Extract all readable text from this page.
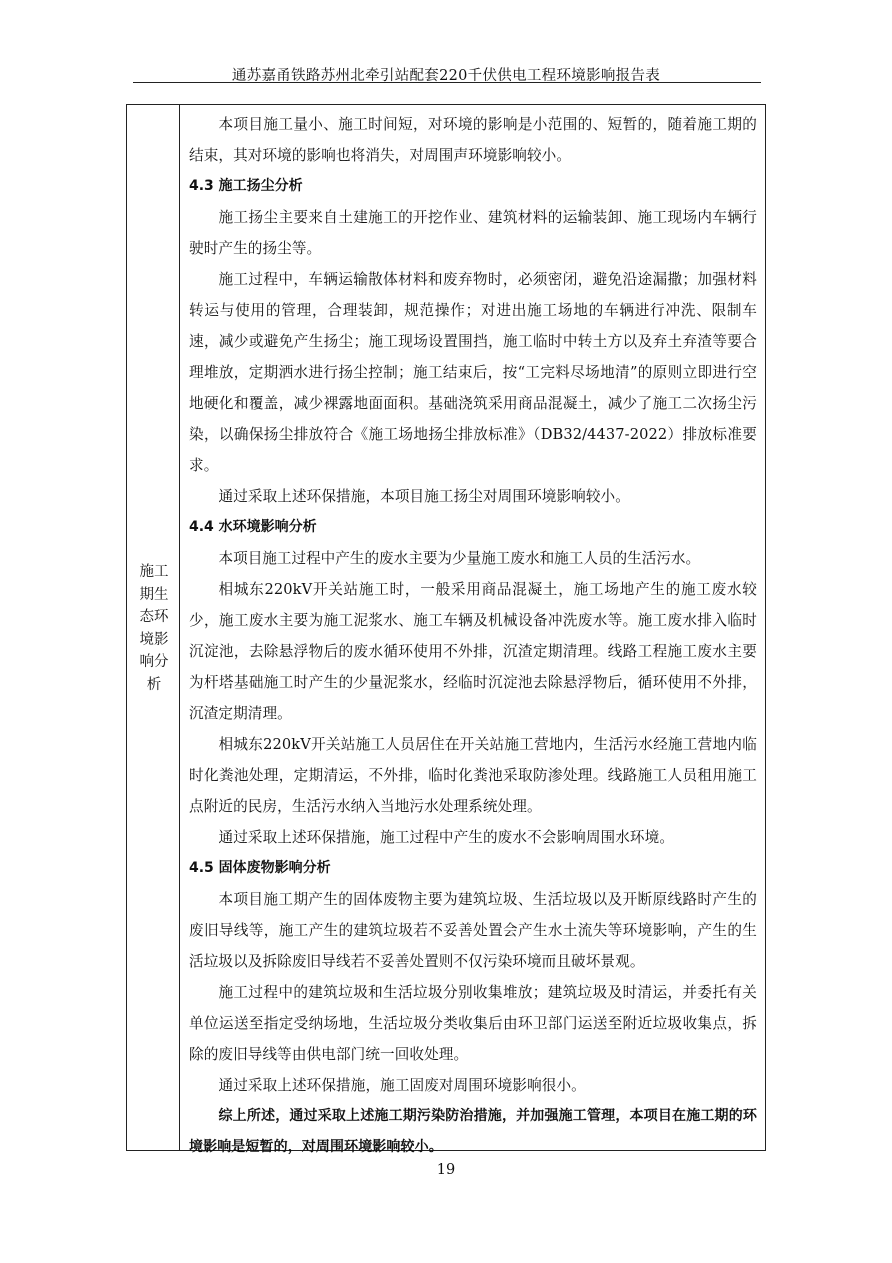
通苏嘉甬铁路苏州北牵引站配套220千伏供电工程环境影响报告表
施工
期生
态环
境影
响分
析

本项目施工量小、施工时间短，对环境的影响是小范围的、短暂的，随着施工期的结束，其对环境的影响也将消失，对周围声环境影响较小。

4.3 施工扬尘分析

施工扬尘主要来自土建施工的开挖作业、建筑材料的运输装卸、施工现场内车辆行驶时产生的扬尘等。

施工过程中，车辆运输散体材料和废弃物时，必须密闭，避免沿途漏撒；加强材料转运与使用的管理，合理装卸，规范操作；对进出施工场地的车辆进行冲洗、限制车速，减少或避免产生扬尘；施工现场设置围挡，施工临时中转土方以及弃土弃渣等要合理堆放，定期洒水进行扬尘控制；施工结束后，按“工完料尽场地清”的原则立即进行空地硬化和覆盖，减少裸露地面面积。基础浇筑采用商品混凝土，减少了施工二次扬尘污染，以确保扬尘排放符合《施工场地扬尘排放标准》（DB32/4437-2022）排放标准要求。

通过采取上述环保措施，本项目施工扬尘对周围环境影响较小。

4.4 水环境影响分析

本项目施工过程中产生的废水主要为少量施工废水和施工人员的生活污水。

相城东220kV开关站施工时，一般采用商品混凝土，施工场地产生的施工废水较少，施工废水主要为施工泥浆水、施工车辆及机械设备冲洗废水等。施工废水排入临时沉淀池，去除悬浮物后的废水循环使用不外排，沉渣定期清理。线路工程施工废水主要为杆塔基础施工时产生的少量泥浆水，经临时沉淀池去除悬浮物后，循环使用不外排，沉渣定期清理。

相城东220kV开关站施工人员居住在开关站施工营地内，生活污水经施工营地内临时化粪池处理，定期清运，不外排，临时化粪池采取防渗处理。线路施工人员租用施工点附近的民房，生活污水纳入当地污水处理系统处理。

通过采取上述环保措施，施工过程中产生的废水不会影响周围水环境。

4.5 固体废物影响分析

本项目施工期产生的固体废物主要为建筑垃圾、生活垃圾以及开断原线路时产生的废旧导线等，施工产生的建筑垃圾若不妥善处置会产生水土流失等环境影响，产生的生活垃圾以及拆除废旧导线若不妥善处置则不仅污染环境而且破坏景观。

施工过程中的建筑垃圾和生活垃圾分别收集堆放；建筑垃圾及时清运，并委托有关单位运送至指定受纳场地，生活垃圾分类收集后由环卫部门运送至附近垃圾收集点，拆除的废旧导线等由供电部门统一回收处理。

通过采取上述环保措施，施工固废对周围环境影响很小。

综上所述，通过采取上述施工期污染防治措施，并加强施工管理，本项目在施工期的环境影响是短暂的，对周围环境影响较小。

19
